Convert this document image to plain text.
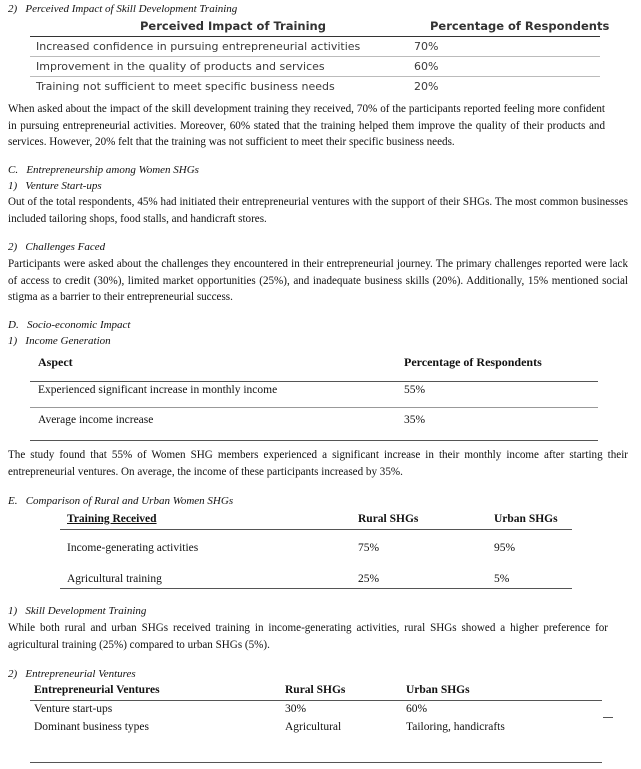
2)   Perceived Impact of Skill Development Training
Perceived Impact of Training	Percentage of Respondents
Increased confidence in pursuing entrepreneurial activities	70%
Improvement in the quality of products and services	60%
Training not sufficient to meet specific business needs	20%
When asked about the impact of the skill development training they received, 70% of the participants reported feeling more confident in pursuing entrepreneurial activities. Moreover, 60% stated that the training helped them improve the quality of their products and services. However, 20% felt that the training was not sufficient to meet their specific business needs.
C.   Entrepreneurship among Women SHGs
1)   Venture Start-ups
Out of the total respondents, 45% had initiated their entrepreneurial ventures with the support of their SHGs. The most common businesses included tailoring shops, food stalls, and handicraft stores.
2)   Challenges Faced
Participants were asked about the challenges they encountered in their entrepreneurial journey. The primary challenges reported were lack of access to credit (30%), limited market opportunities (25%), and inadequate business skills (20%). Additionally, 15% mentioned social stigma as a barrier to their entrepreneurial success.
D.   Socio-economic Impact
1)   Income Generation
Aspect	Percentage of Respondents
Experienced significant increase in monthly income	55%
Average income increase	35%
The study found that 55% of Women SHG members experienced a significant increase in their monthly income after starting their entrepreneurial ventures. On average, the income of these participants increased by 35%.
E.   Comparison of Rural and Urban Women SHGs
Training Received	Rural SHGs	Urban SHGs
Income-generating activities	75%	95%
Agricultural training	25%	5%
1)   Skill Development Training
While both rural and urban SHGs received training in income-generating activities, rural SHGs showed a higher preference for agricultural training (25%) compared to urban SHGs (5%).
2)   Entrepreneurial Ventures
Entrepreneurial Ventures	Rural SHGs	Urban SHGs
Venture start-ups	30%	60%
Dominant business types	Agricultural	Tailoring, handicrafts
